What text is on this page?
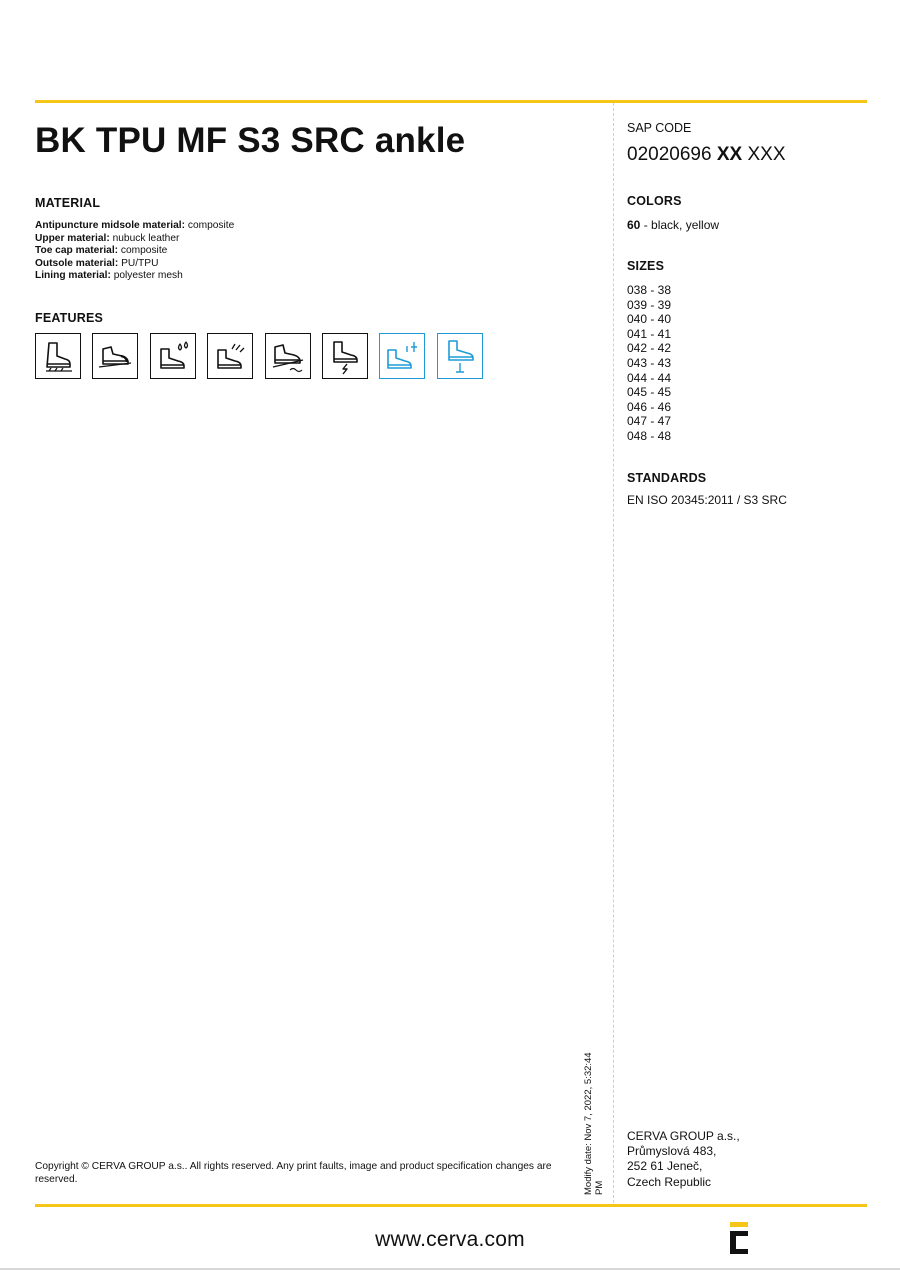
BK TPU MF S3 SRC ankle
MATERIAL
Antipuncture midsole material: composite
Upper material: nubuck leather
Toe cap material: composite
Outsole material: PU/TPU
Lining material: polyester mesh
FEATURES
SAP CODE
02020696 XX XXX
COLORS
60 - black, yellow
SIZES
038 - 38
039 - 39
040 - 40
041 - 41
042 - 42
043 - 43
044 - 44
045 - 45
046 - 46
047 - 47
048 - 48
STANDARDS
EN ISO 20345:2011 / S3 SRC
Modify date: Nov 7, 2022, 5:32:44 PM
Copyright © CERVA GROUP a.s.. All rights reserved. Any print faults, image and product specification changes are reserved.
CERVA GROUP a.s.,
Průmyslová 483,
252 61 Jeneč,
Czech Republic
www.cerva.com
